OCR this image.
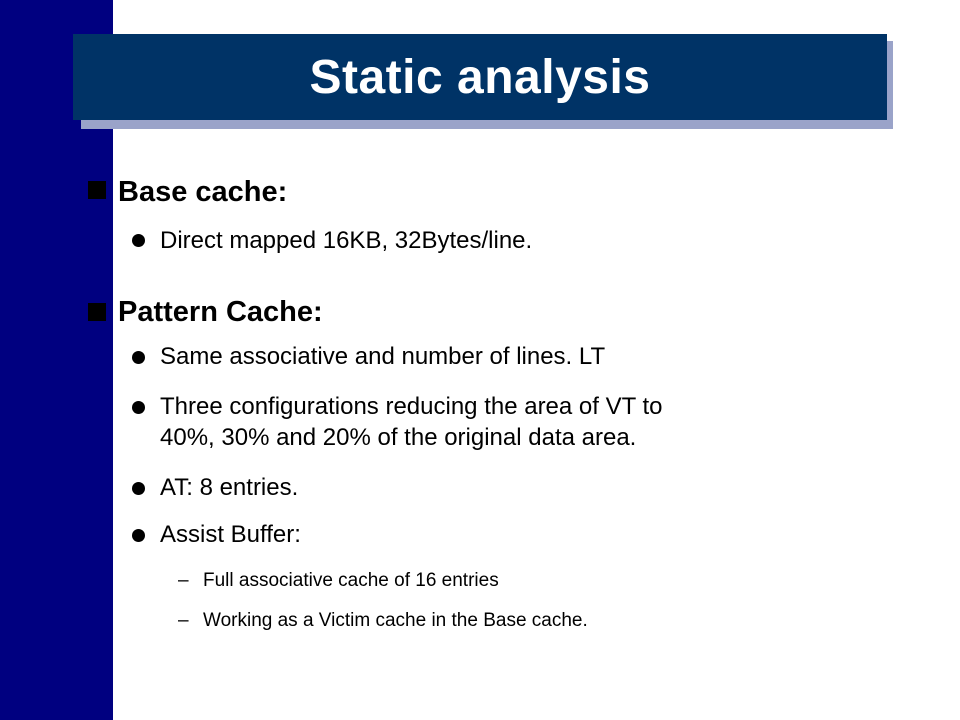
Static analysis
Base cache:
Direct mapped 16KB, 32Bytes/line.
Pattern Cache:
Same associative and number of lines. LT
Three configurations reducing the area of VT to
40%, 30% and 20% of the original data area.
AT: 8 entries.
Assist Buffer:
– Full associative cache of 16 entries
– Working as a Victim cache in the Base cache.
